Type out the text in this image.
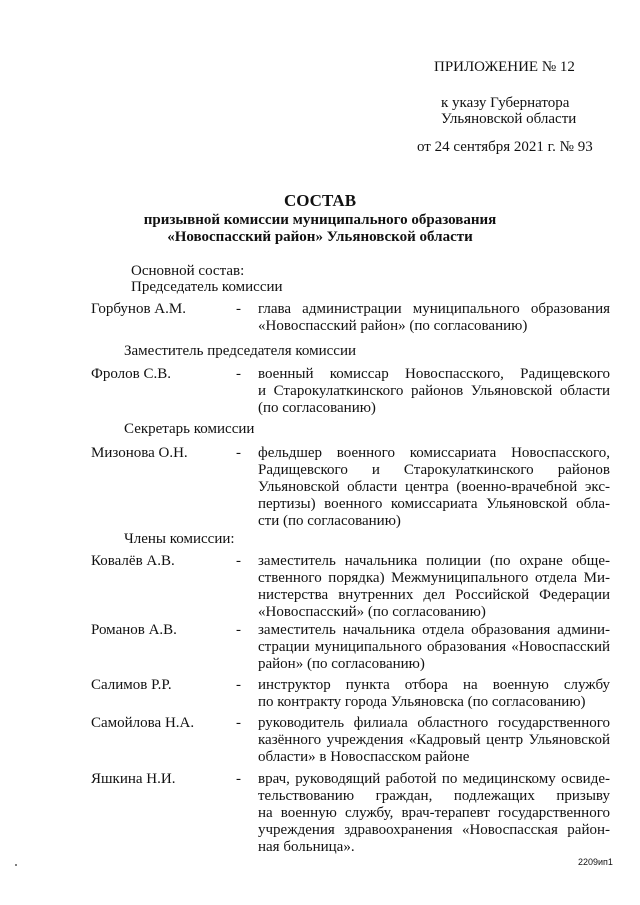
ПРИЛОЖЕНИЕ № 12
к указу Губернатора
Ульяновской области
от 24 сентября 2021 г. № 93
СОСТАВ
призывной комиссии муниципального образования
«Новоспасский район» Ульяновской области
Основной состав:
Председатель комиссии
Горбунов А.М.	- глава администрации муниципального образования
«Новоспасский район» (по согласованию)
Заместитель председателя комиссии
Фролов С.В.	- военный комиссар Новоспасского, Радищевского
и Старокулаткинского районов Ульяновской области
(по согласованию)
Секретарь комиссии
Мизонова О.Н.	- фельдшер военного комиссариата Новоспасского,
Радищевского и Старокулаткинского районов
Ульяновской области центра (военно-врачебной экс-
пертизы) военного комиссариата Ульяновской обла-
сти (по согласованию)
Члены комиссии:
Ковалёв А.В.	- заместитель начальника полиции (по охране обще-
ственного порядка) Межмуниципального отдела Ми-
нистерства внутренних дел Российской Федерации
«Новоспасский» (по согласованию)
Романов А.В.	- заместитель начальника отдела образования админи-
страции муниципального образования «Новоспасский
район» (по согласованию)
Салимов Р.Р.	- инструктор пункта отбора на военную службу
по контракту города Ульяновска (по согласованию)
Самойлова Н.А.	- руководитель филиала областного государственного
казённого учреждения «Кадровый центр Ульяновской
области» в Новоспасском районе
Яшкина Н.И.	- врач, руководящий работой по медицинскому освиде-
тельствованию граждан, подлежащих призыву
на военную службу, врач-терапевт государственного
учреждения здравоохранения «Новоспасская район-
ная больница».
2209ип1
